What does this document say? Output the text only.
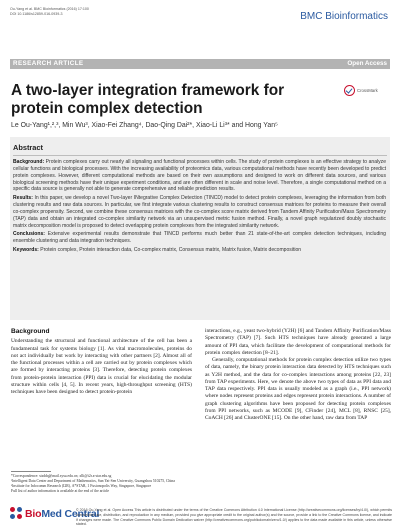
Ou-Yang et al. BMC Bioinformatics (2016) 17:100
DOI 10.1186/s12859-016-0939-3	BMC Bioinformatics
RESEARCH ARTICLE	Open Access
A two-layer integration framework for protein complex detection
CrossMark
Le Ou-Yang¹,²,³, Min Wu³, Xiao-Fei Zhang⁴, Dao-Qing Dai²*, Xiao-Li Li³* and Hong Yan⁵
Abstract
Background: Protein complexes carry out nearly all signaling and functional processes within cells. The study of protein complexes is an effective strategy to analyze cellular functions and biological processes. With the increasing availability of proteomics data, various computational methods have recently been developed to predict protein complexes. However, different computational methods are based on their own assumptions and designed to work on different data sources, and various biological screening methods have their unique experiment conditions, and are often different in scale and noise level. Therefore, a single computational method on a specific data source is generally not able to generate comprehensive and reliable prediction results.
Results: In this paper, we develop a novel Two-layer INtegrative Complex Detection (TINCD) model to detect protein complexes, leveraging the information from both clustering results and raw data sources. In particular, we first integrate various clustering results to construct consensus matrices for proteins to measure their overall co-complex propensity. Second, we combine these consensus matrices with the co-complex score matrix derived from Tandem Affinity Purification/Mass Spectrometry (TAP) data and obtain an integrated co-complex similarity network via an unsupervised metric fusion method. Finally, a novel graph regularized doubly stochastic matrix decomposition model is proposed to detect overlapping protein complexes from the integrated similarity network.
Conclusions: Extensive experimental results demonstrate that TINCD performs much better than 21 state-of-the-art complex detection techniques, including ensemble clustering and data integration techniques.
Keywords: Protein complex, Protein interaction data, Co-complex matrix, Consensus matrix, Matrix fusion, Matrix decomposition
Background

Understanding the structural and functional architecture of the cell has been a fundamental task for systems biology [1]. As vital macromolecules, proteins do not act individually but work by interacting with other partners [2]. Almost all of the functional processes within a cell are carried out by protein complexes which are formed by interacting proteins [3]. Therefore, detecting protein complexes from protein-protein interaction (PPI) data is crucial for elucidating the modular structure within cells [4, 5]. In recent years, high-throughput screening (HTS) techniques have been designed to detect protein-protein

interactions, e.g., yeast two-hybrid (Y2H) [6] and Tandem Affinity Purification/Mass Spectrometry (TAP) [7]. Such HTS techniques have already generated a large amount of PPI data, which facilitate the development of computational methods for protein complex detection [8–21].

Generally, computational methods for protein complex detection utilize two types of data, namely, the binary protein interaction data detected by HTS techniques such as Y2H method, and the data for co-complex interactions among proteins [22, 23] from TAP experiments. Here, we denote the above two types of data as PPI data and TAP data respectively. PPI data is usually modeled as a graph (i.e., PPI network) where nodes represent proteins and edges represent protein interactions. A number of graph clustering algorithms have been proposed for detecting protein complexes from PPI networks, such as MCODE [9], CFinder [24], MCL [8], RNSC [25], CoACH [26] and ClusterONE [15]. On the other hand, raw data from TAP

*Correspondence: stsddq@mail.sysu.edu.cn; xlli@i2r.a-star.edu.sg
²Intelligent Data Center and Department of Mathematics, Sun Yat-Sen University, Guangzhou 510275, China
³Institute for Infocomm Research (I2R), A*STAR, 1 Fusionopolis Way, Singapore, Singapore
Full list of author information is available at the end of the article
BioMed Central
© 2016 Ou-Yang et al. Open Access This article is distributed under the terms of the Creative Commons Attribution 4.0 International License (http://creativecommons.org/licenses/by/4.0/), which permits unrestricted use, distribution, and reproduction in any medium, provided you give appropriate credit to the original author(s) and the source, provide a link to the Creative Commons license, and indicate if changes were made. The Creative Commons Public Domain Dedication waiver (http://creativecommons.org/publicdomain/zero/1.0/) applies to the data made available in this article, unless otherwise stated.
